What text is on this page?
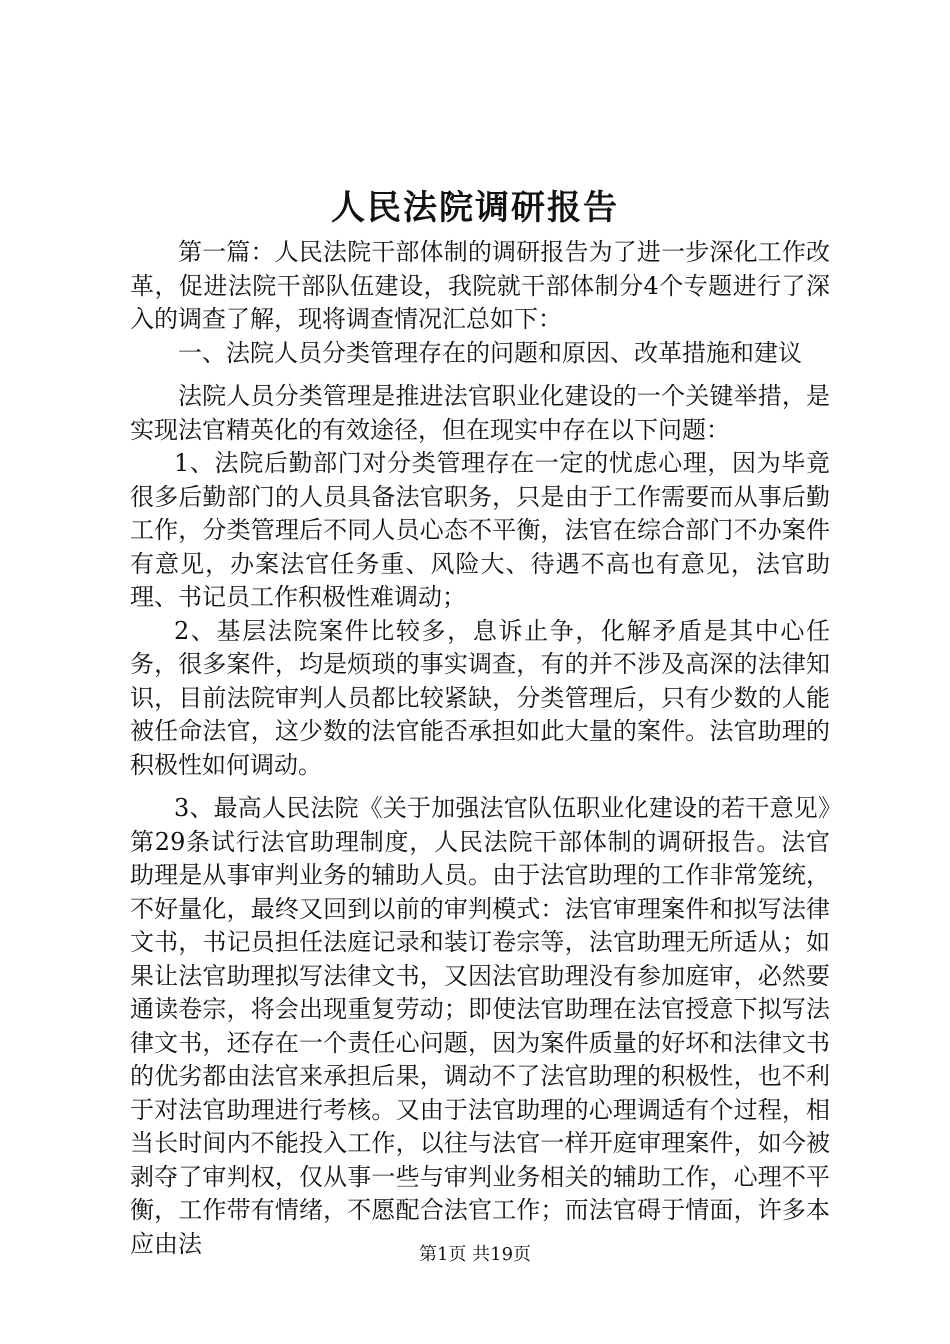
人民法院调研报告

第一篇：人民法院干部体制的调研报告为了进一步深化工作改革，促进法院干部队伍建设，我院就干部体制分4个专题进行了深入的调查了解，现将调查情况汇总如下：

一、法院人员分类管理存在的问题和原因、改革措施和建议

法院人员分类管理是推进法官职业化建设的一个关键举措，是实现法官精英化的有效途径，但在现实中存在以下问题：

1、法院后勤部门对分类管理存在一定的忧虑心理，因为毕竟很多后勤部门的人员具备法官职务，只是由于工作需要而从事后勤工作，分类管理后不同人员心态不平衡，法官在综合部门不办案件有意见，办案法官任务重、风险大、待遇不高也有意见，法官助理、书记员工作积极性难调动；

2、基层法院案件比较多，息诉止争，化解矛盾是其中心任务，很多案件，均是烦琐的事实调查，有的并不涉及高深的法律知识，目前法院审判人员都比较紧缺，分类管理后，只有少数的人能被任命法官，这少数的法官能否承担如此大量的案件。法官助理的积极性如何调动。

3、最高人民法院《关于加强法官队伍职业化建设的若干意见》第29条试行法官助理制度，人民法院干部体制的调研报告。法官助理是从事审判业务的辅助人员。由于法官助理的工作非常笼统，不好量化，最终又回到以前的审判模式：法官审理案件和拟写法律文书，书记员担任法庭记录和装订卷宗等，法官助理无所适从；如果让法官助理拟写法律文书，又因法官助理没有参加庭审，必然要通读卷宗，将会出现重复劳动；即使法官助理在法官授意下拟写法律文书，还存在一个责任心问题，因为案件质量的好坏和法律文书的优劣都由法官来承担后果，调动不了法官助理的积极性，也不利于对法官助理进行考核。又由于法官助理的心理调适有个过程，相当长时间内不能投入工作，以往与法官一样开庭审理案件，如今被剥夺了审判权，仅从事一些与审判业务相关的辅助工作，心理不平衡，工作带有情绪，不愿配合法官工作；而法官碍于情面，许多本应由法	第1页 共19页
